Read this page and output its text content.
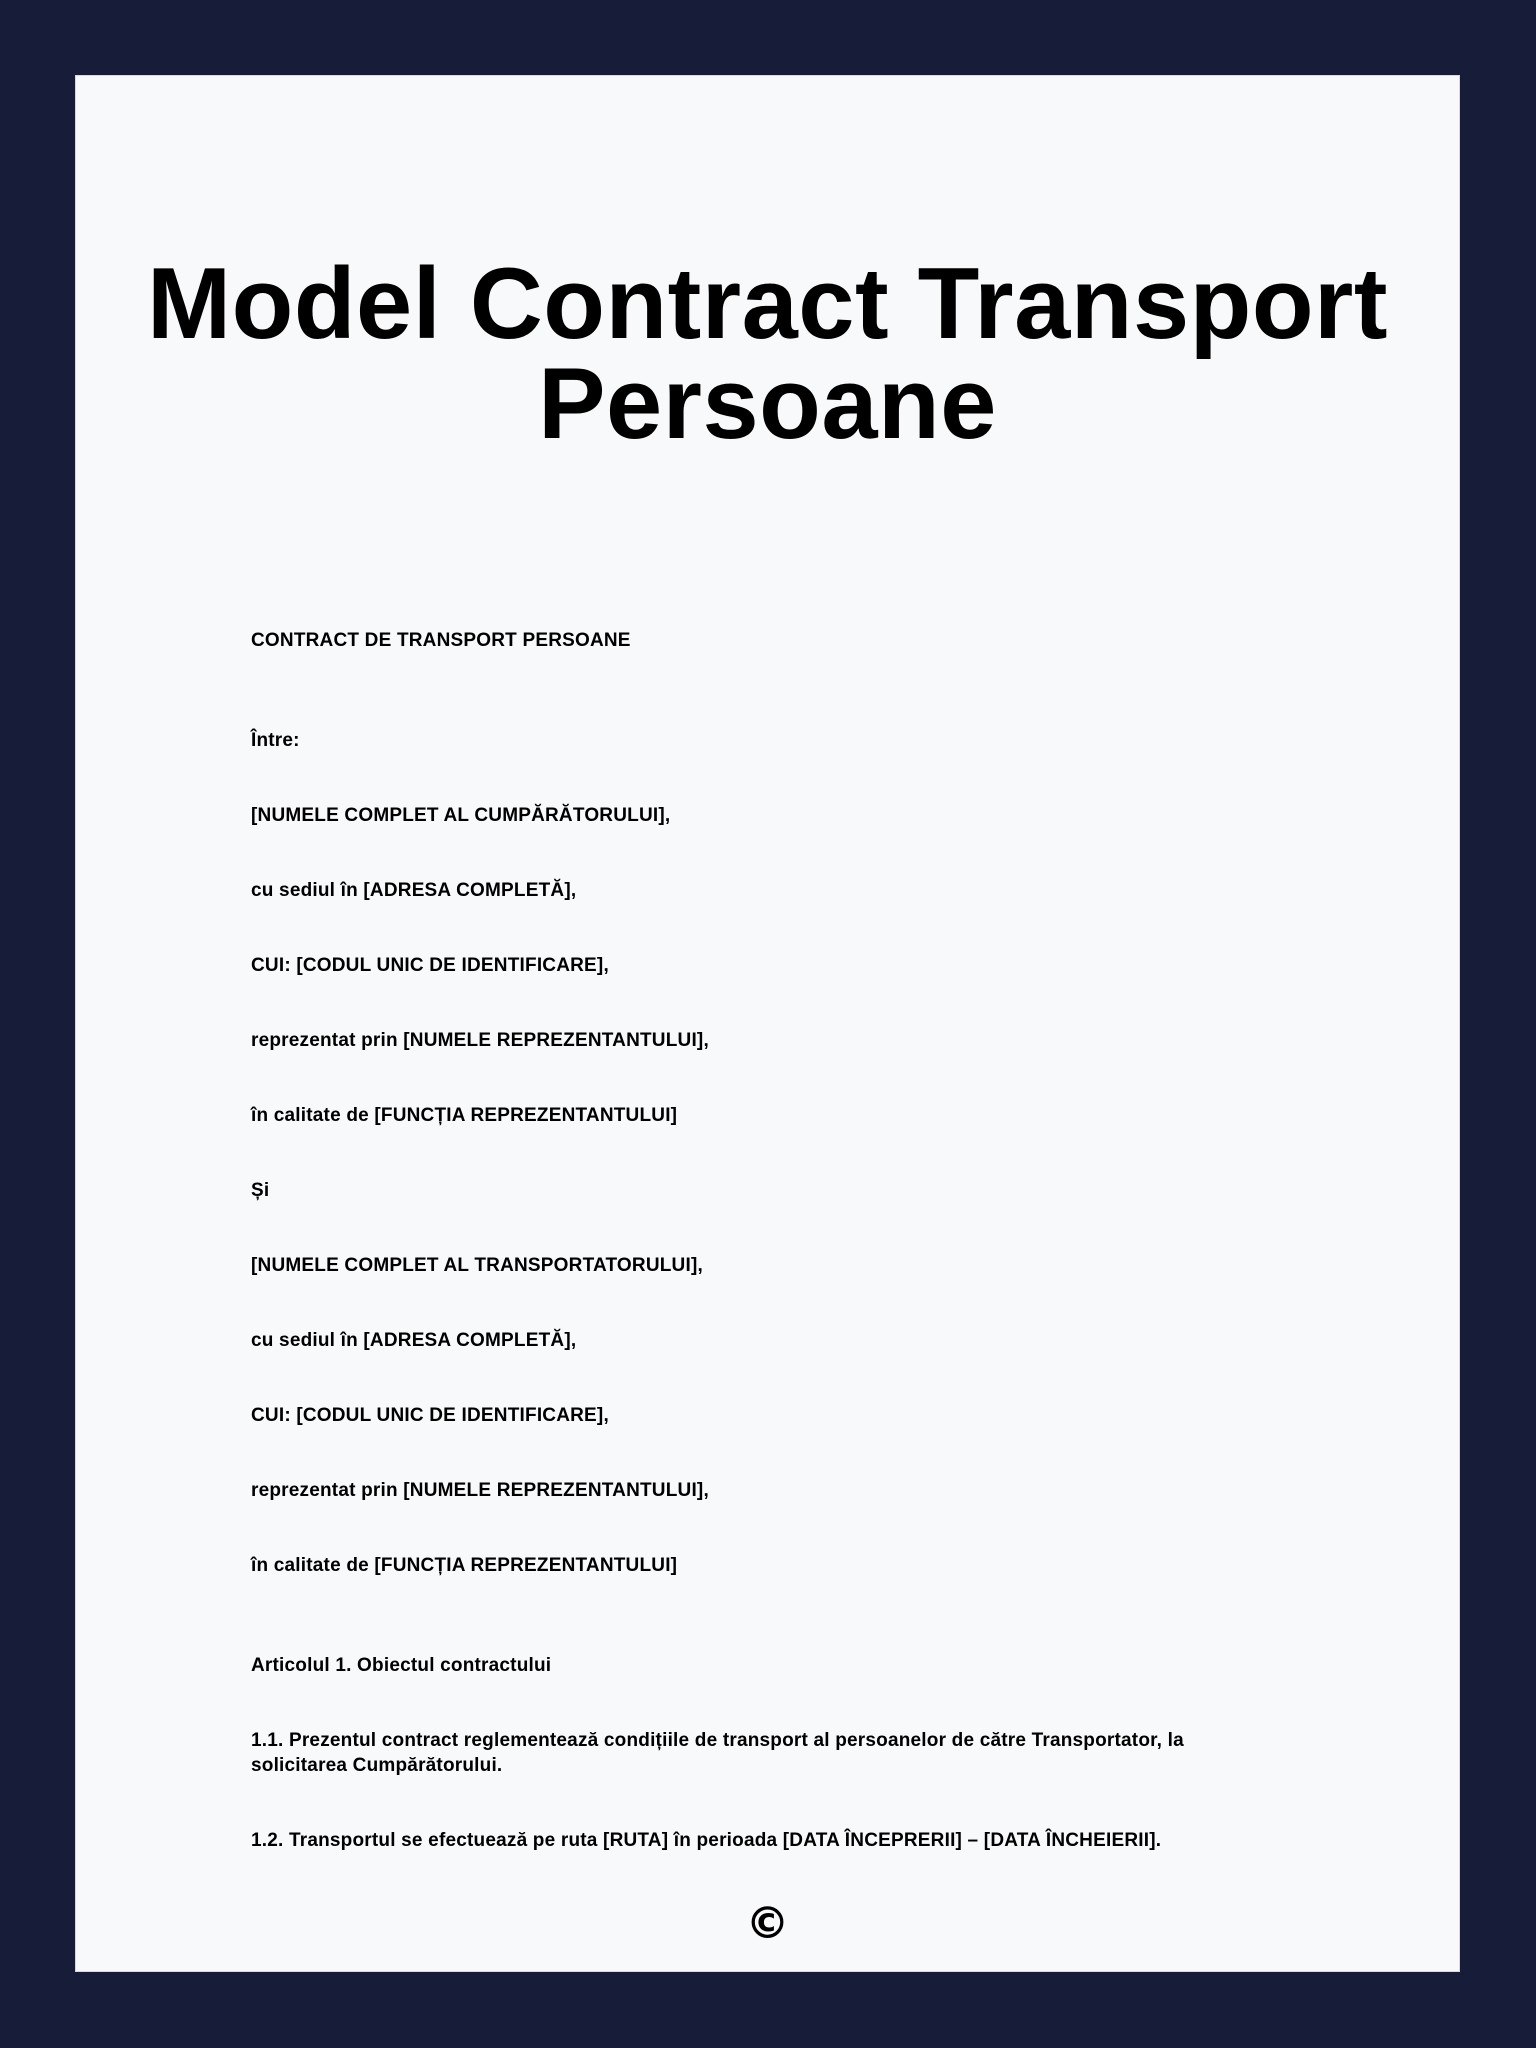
Model Contract Transport Persoane

CONTRACT DE TRANSPORT PERSOANE

Între:

[NUMELE COMPLET AL CUMPĂRĂTORULUI],

cu sediul în [ADRESA COMPLETĂ],

CUI: [CODUL UNIC DE IDENTIFICARE],

reprezentat prin [NUMELE REPREZENTANTULUI],

în calitate de [FUNCȚIA REPREZENTANTULUI]

Și

[NUMELE COMPLET AL TRANSPORTATORULUI],

cu sediul în [ADRESA COMPLETĂ],

CUI: [CODUL UNIC DE IDENTIFICARE],

reprezentat prin [NUMELE REPREZENTANTULUI],

în calitate de [FUNCȚIA REPREZENTANTULUI]

Articolul 1. Obiectul contractului

1.1. Prezentul contract reglementează condițiile de transport al persoanelor de către Transportator, la solicitarea Cumpărătorului.

1.2. Transportul se efectuează pe ruta [RUTA] în perioada [DATA ÎNCEPRERII] – [DATA ÎNCHEIERII].

©
